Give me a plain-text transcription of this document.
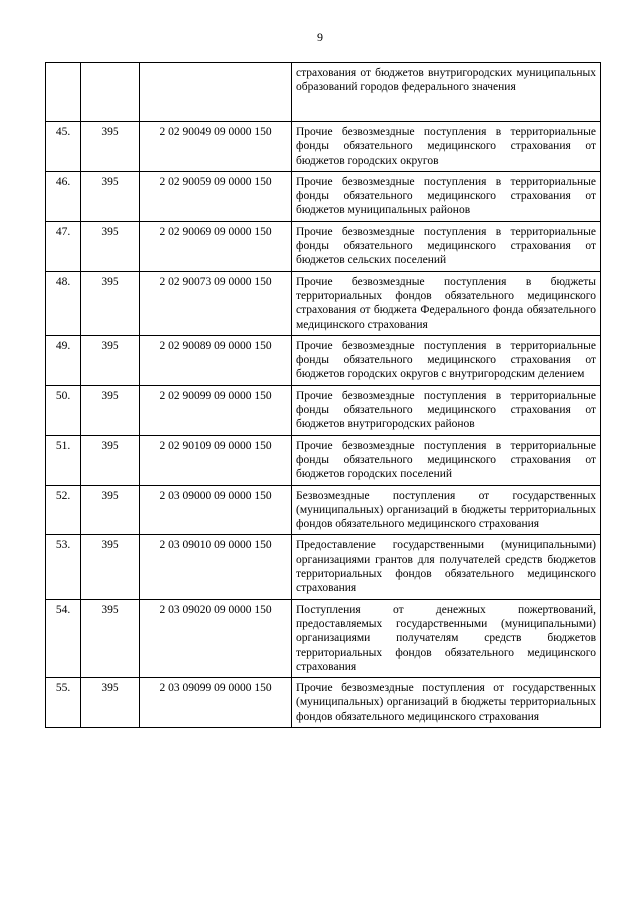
9
			страхования от бюджетов внутригородских муниципальных образований городов федерального значения
45.	395	2 02 90049 09 0000 150	Прочие безвозмездные поступления в территориальные фонды обязательного медицинского страхования от бюджетов городских округов
46.	395	2 02 90059 09 0000 150	Прочие безвозмездные поступления в территориальные фонды обязательного медицинского страхования от бюджетов муниципальных районов
47.	395	2 02 90069 09 0000 150	Прочие безвозмездные поступления в территориальные фонды обязательного медицинского страхования от бюджетов сельских поселений
48.	395	2 02 90073 09 0000 150	Прочие безвозмездные поступления в бюджеты территориальных фондов обязательного медицинского страхования от бюджета Федерального фонда обязательного медицинского страхования
49.	395	2 02 90089 09 0000 150	Прочие безвозмездные поступления в территориальные фонды обязательного медицинского страхования от бюджетов городских округов с внутригородским делением
50.	395	2 02 90099 09 0000 150	Прочие безвозмездные поступления в территориальные фонды обязательного медицинского страхования от бюджетов внутригородских районов
51.	395	2 02 90109 09 0000 150	Прочие безвозмездные поступления в территориальные фонды обязательного медицинского страхования от бюджетов городских поселений
52.	395	2 03 09000 09 0000 150	Безвозмездные поступления от государственных (муниципальных) организаций в бюджеты территориальных фондов обязательного медицинского страхования
53.	395	2 03 09010 09 0000 150	Предоставление государственными (муниципальными) организациями грантов для получателей средств бюджетов территориальных фондов обязательного медицинского страхования
54.	395	2 03 09020 09 0000 150	Поступления от денежных пожертвований, предоставляемых государственными (муниципальными) организациями получателям средств бюджетов территориальных фондов обязательного медицинского страхования
55.	395	2 03 09099 09 0000 150	Прочие безвозмездные поступления от государственных (муниципальных) организаций в бюджеты территориальных фондов обязательного медицинского страхования
